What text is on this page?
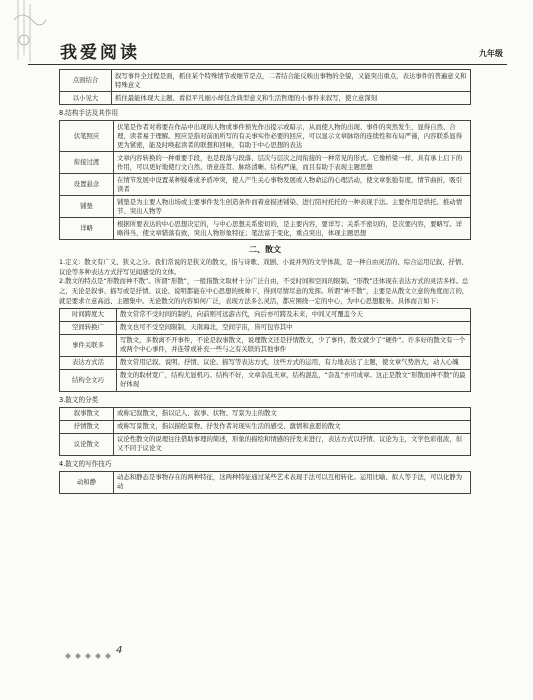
我爱阅读	九年级
点面结合	叙写事件全过程是面，抓住某个特殊情节或细节是点，二者结合能反映出事物的全貌，又能突出重点，表达事件的普遍意义和特殊意义
以小见大	抓住最能体现大主题、看似平凡细小却包含典型意义和生活哲理的小事件来叙写，使立意深刻
8.结构手法及其作用
伏笔照应	伏笔是作者对将要在作品中出现的人物或事件预先作出提示或暗示，从而使人物的出现、事件的突然发生，显得自然、合理，读者易于理解。照应是指对前面所写的有关事实作必要的回应，可以显示文章脉络的连续性和布局严谨，内容联系显得更为紧密，能及时唤起读者的联想和回味，有助于中心思想的表达
衔接过渡	文章内容转换的一种重要手段，也是段落与段落、层次与层次之间衔接的一种常见的形式。它像桥梁一样，具有承上启下的作用，可以更好地使行文自然、语意连贯、脉络清晰、结构严谨，而且有助于表现主题思想
设置悬念	在情节发展中设置某种疑难或矛盾冲突，使人产生关心事物发展或人物命运的心理活动，使文章张弛有度，情节曲折，吸引读者
铺垫	铺垫是为主要人物出场或主要事件发生创造条件而着意描述铺染、进行陪衬托托的一种表现手法。主要作用是烘托、推动情节、突出人物等
详略	根据所要表达的中心思想决定的，与中心思想关系密切的，是主要内容，要详写；关系不密切的，是次要内容，要略写。详略得当，使文章错落有致，突出人物形象特征；笔法富于变化，重点突出，体现主题思想
二、散文

1.定义：散文有广义、狭义之分。我们常说的是狭义的散文，指与诗歌、戏剧、小说并列的文学体裁，是一种自由灵活的、综合运用记叙、抒情、议论等多种表达方式抒写见闻感受的文体。

2.散文的特点是“形散而神不散”。所谓“形散”，一般指散文取材十分广泛自由，不受时间和空间的限制。“形散”还体现在表达方式的灵活多样。总之，无论是叙事、描写或是抒情、议论、说明都能在中心思想的统帅下，得到尽情尽意的发挥。所谓“神不散”，主要是从散文立意的角度而言的，就是要求立意高远、主题集中。无论散文的内容如何广泛，表现方法多么灵活，都应围绕一定的中心，为中心思想服务。具体而言如下：

时间跨度大	散文常常不受时间的制约，向前则可远游古代，向后亦可跨及未来，中间又可覆盖今天
空间转换广	散文也可不受空间限制，天南海北，空间宇宙，皆可包容其中
事件关联多	写散文，多数离不开事件，不论是叙事散文，说理散文还是抒情散文，少了事件，散文就少了“硬件”。许多好的散文有一个或两个中心事件，并连带或补充一些与之有关联的其他事件
表达方式活	散文常用记叙、说明、抒情、议论、描写等表达方式，这些方式的运用，有力地表达了主题，使文章气势浩大，动人心魄
结构全文巧	散文的取材宽广，结构尤显机巧。结构不好，文章杂乱无章，结构混乱，“杂乱”亦可成章。这正是散文“形散而神不散”的最好体现
3.散文的分类
叙事散文	或称记叙散文，指以记人、叙事、状物、写景为主的散文
抒情散文	或称写景散文，指以描绘景物、抒发作者对现实生活的感受、激情和意愿的散文
议论散文	议论性散文的说理往往借助事理的简述，形象的描绘和情感的抒发来进行，表达方式以抒情、议论为主，文学色彩很浓，但又不同于议论文
4.散文的写作技巧
动和静	动态和静态是事物存在的两种特征，这两种特征通过某些艺术表现手法可以互相转化。运用比喻、拟人等手法，可以化静为动
4
